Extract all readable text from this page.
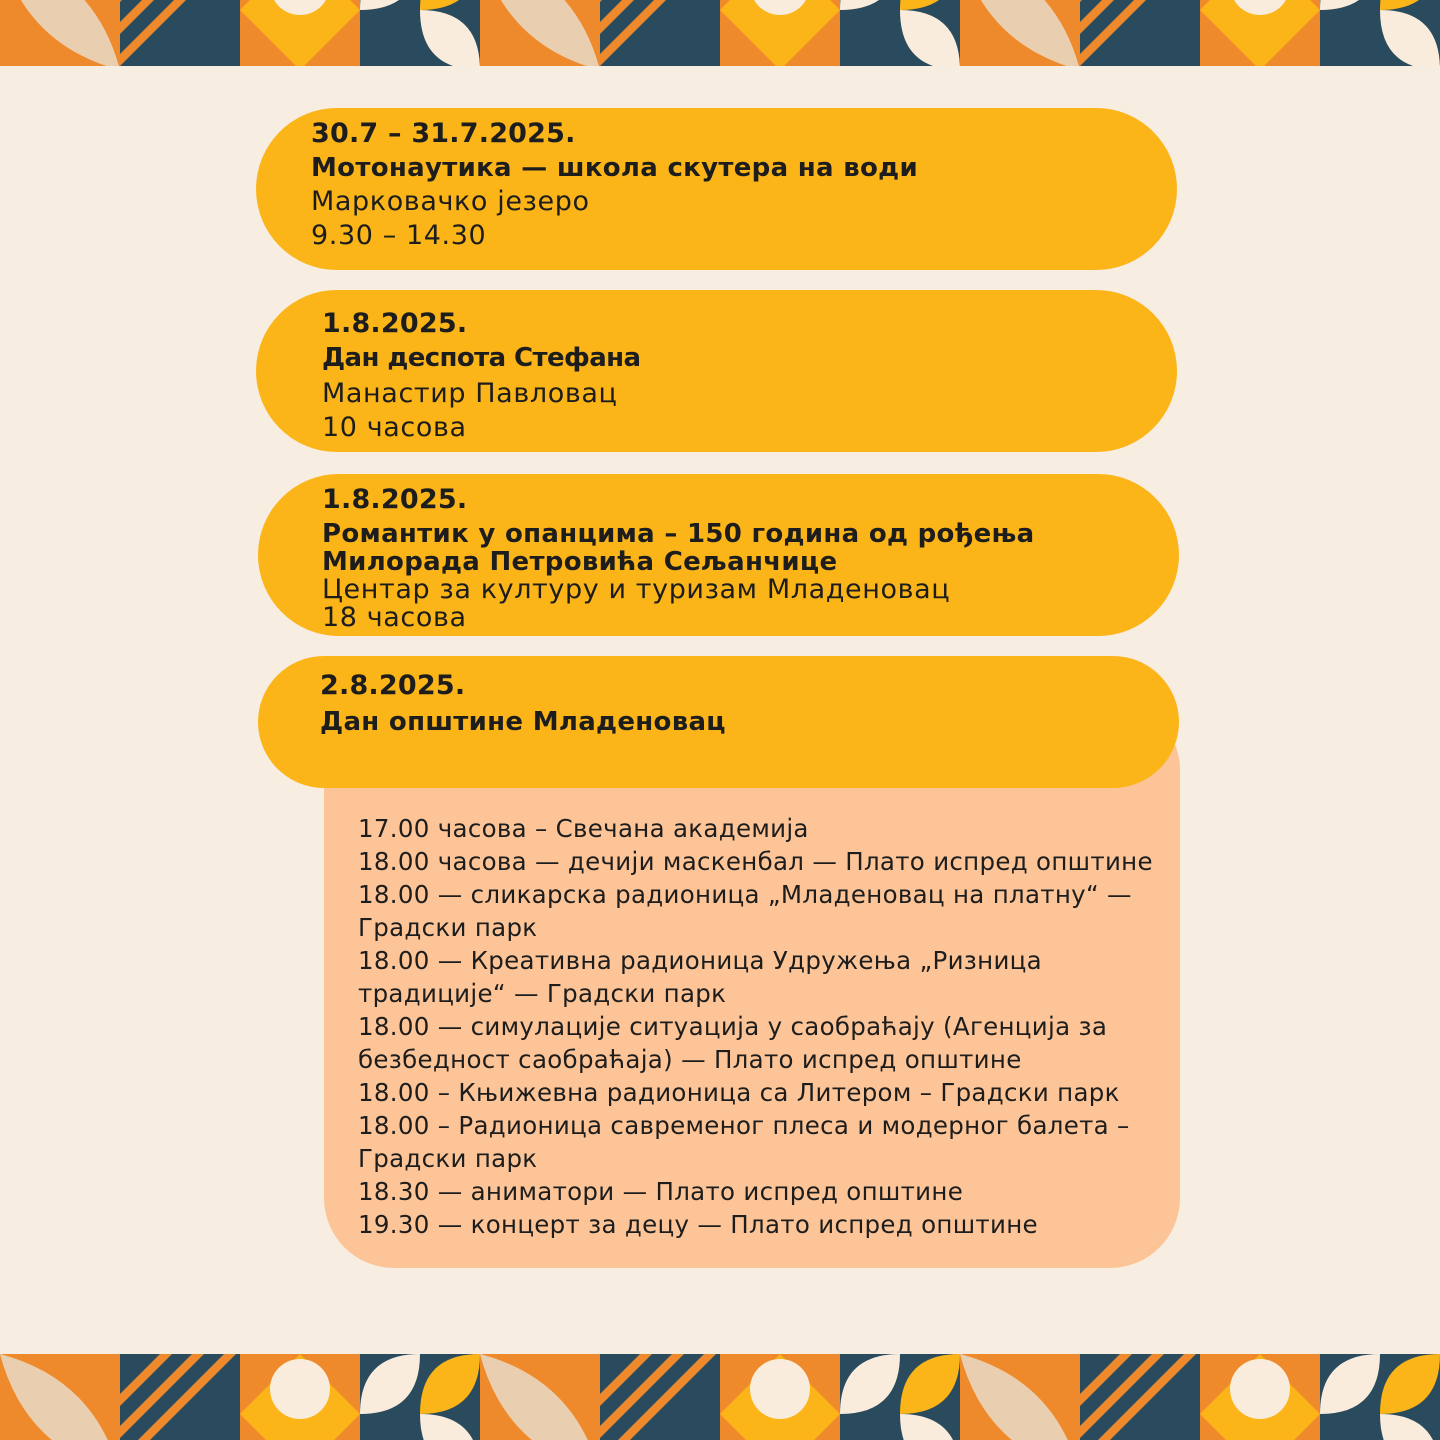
30.7 – 31.7.2025.
Мотонаутика — школа скутера на води
Марковачко језеро
9.30 – 14.30
1.8.2025.
Дан деспота Стефана
Манастир Павловац
10 часова
1.8.2025.
Романтик у опанцима – 150 година од рођења
Милорада Петровића Сељанчице
Центар за културу и туризам Младеновац
18 часова
2.8.2025.
Дан општине Младеновац
17.00 часова – Свечана академија
18.00 часова — дечији маскенбал — Плато испред општине
18.00 — сликарска радионица „Младеновац на платну“ —
Градски парк
18.00 — Креативна радионица Удружења „Ризница
традиције“ — Градски парк
18.00 — симулације ситуација у саобраћају (Агенција за
безбедност саобраћаја) — Плато испред општине
18.00 – Књижевна радионица са Литером – Градски парк
18.00 – Радионица савременог плеса и модерног балета –
Градски парк
18.30 — аниматори — Плато испред општине
19.30 — концерт за децу — Плато испред општине
